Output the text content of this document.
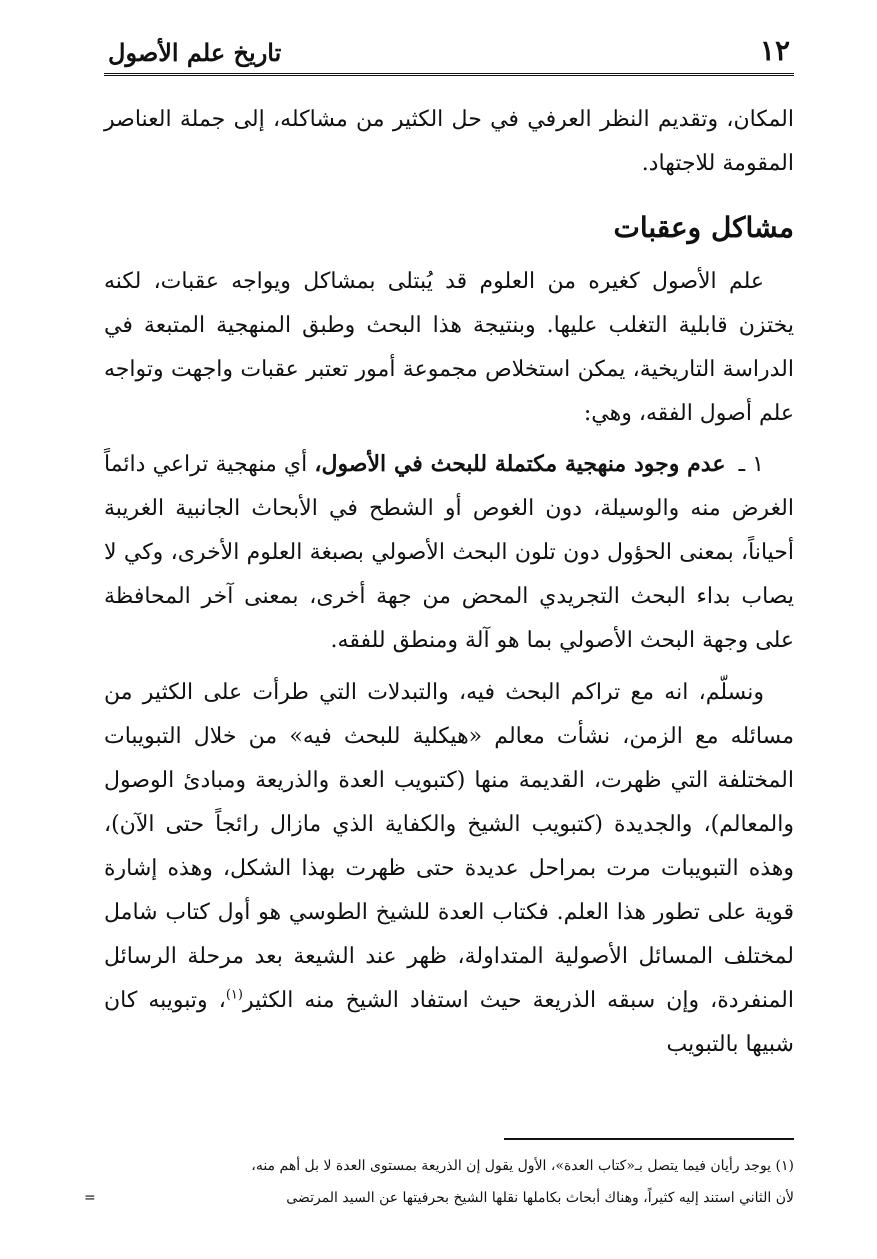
١٢
تاريخ علم الأصول

المكان، وتقديم النظر العرفي في حل الكثير من مشاكله، إلى جملة العناصر المقومة للاجتهاد.

مشاكل وعقبات

علم الأصول كغيره من العلوم قد يُبتلى بمشاكل ويواجه عقبات، لكنه يختزن قابلية التغلب عليها. وبنتيجة هذا البحث وطبق المنهجية المتبعة في الدراسة التاريخية، يمكن استخلاص مجموعة أمور تعتبر عقبات واجهت وتواجه علم أصول الفقه، وهي:

١ ـ عدم وجود منهجية مكتملة للبحث في الأصول، أي منهجية تراعي دائماً الغرض منه والوسيلة، دون الغوص أو الشطح في الأبحاث الجانبية الغريبة أحياناً، بمعنى الحؤول دون تلون البحث الأصولي بصبغة العلوم الأخرى، وكي لا يصاب بداء البحث التجريدي المحض من جهة أخرى، بمعنى آخر المحافظة على وجهة البحث الأصولي بما هو آلة ومنطق للفقه.

ونسلّم، انه مع تراكم البحث فيه، والتبدلات التي طرأت على الكثير من مسائله مع الزمن، نشأت معالم «هيكلية للبحث فيه» من خلال التبويبات المختلفة التي ظهرت، القديمة منها (كتبويب العدة والذريعة ومبادئ الوصول والمعالم)، والجديدة (كتبويب الشيخ والكفاية الذي مازال رائجاً حتى الآن)، وهذه التبويبات مرت بمراحل عديدة حتى ظهرت بهذا الشكل، وهذه إشارة قوية على تطور هذا العلم. فكتاب العدة للشيخ الطوسي هو أول كتاب شامل لمختلف المسائل الأصولية المتداولة، ظهر عند الشيعة بعد مرحلة الرسائل المنفردة، وإن سبقه الذريعة حيث استفاد الشيخ منه الكثير$^{(١)}$، وتبويبه كان شبيها بالتبويب

(١) يوجد رأيان فيما يتصل بـ«كتاب العدة»، الأول يقول إن الذريعة بمستوى العدة لا بل أهم منه،

لأن الثاني استند إليه كثيراً، وهناك أبحاث بكاملها نقلها الشيخ بحرفيتها عن السيد المرتضى
=
